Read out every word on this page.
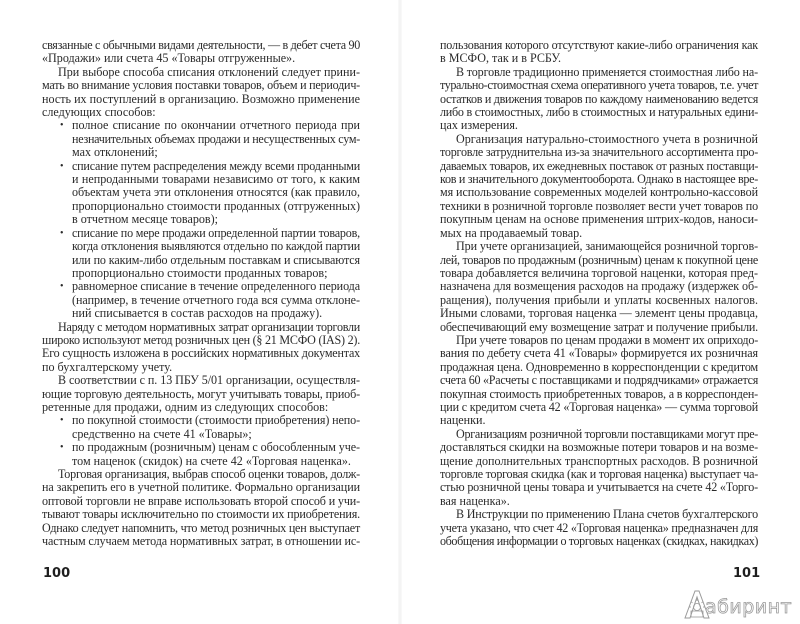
связанные с обычными видами деятельности, — в дебет счета 90
«Продажи» или счета 45 «Товары отгруженные».
При выборе способа списания отклонений следует прини-
мать во внимание условия поставки товаров, объем и периодич-
ность их поступлений в организацию. Возможно применение
следующих способов:
• полное списание по окончании отчетного периода при
незначительных объемах продажи и несущественных сум-
мах отклонений;
• списание путем распределения между всеми проданными
и непроданными товарами независимо от того, к каким
объектам учета эти отклонения относятся (как правило,
пропорционально стоимости проданных (отгруженных)
в отчетном месяце товаров);
• списание по мере продажи определенной партии товаров,
когда отклонения выявляются отдельно по каждой партии
или по каким-либо отдельным поставкам и списываются
пропорционально стоимости проданных товаров;
• равномерное списание в течение определенного периода
(например, в течение отчетного года вся сумма отклоне-
ний списывается в состав расходов на продажу).
Наряду с методом нормативных затрат организации торговли
широко используют метод розничных цен (§ 21 МСФО (IAS) 2).
Его сущность изложена в российских нормативных документах
по бухгалтерскому учету.
В соответствии с п. 13 ПБУ 5/01 организации, осуществля-
ющие торговую деятельность, могут учитывать товары, приоб-
ретенные для продажи, одним из следующих способов:
• по покупной стоимости (стоимости приобретения) непо-
средственно на счете 41 «Товары»;
• по продажным (розничным) ценам с обособленным уче-
том наценок (скидок) на счете 42 «Торговая наценка».
Торговая организация, выбрав способ оценки товаров, долж-
на закрепить его в учетной политике. Формально организации
оптовой торговли не вправе использовать второй способ и учи-
тывают товары исключительно по стоимости их приобретения.
Однако следует напомнить, что метод розничных цен выступает
частным случаем метода нормативных затрат, в отношении ис-
100
пользования которого отсутствуют какие-либо ограничения как
в МСФО, так и в РСБУ.
В торговле традиционно применяется стоимостная либо на-
турально-стоимостная схема оперативного учета товаров, т.е. учет
остатков и движения товаров по каждому наименованию ведется
либо в стоимостных, либо в стоимостных и натуральных едини-
цах измерения.
Организация натурально-стоимостного учета в розничной
торговле затруднительна из-за значительного ассортимента про-
даваемых товаров, их ежедневных поставок от разных поставщи-
ков и значительного документооборота. Однако в настоящее вре-
мя использование современных моделей контрольно-кассовой
техники в розничной торговле позволяет вести учет товаров по
покупным ценам на основе применения штрих-кодов, наноси-
мых на продаваемый товар.
При учете организацией, занимающейся розничной торгов-
лей, товаров по продажным (розничным) ценам к покупной цене
товара добавляется величина торговой наценки, которая пред-
назначена для возмещения расходов на продажу (издержек об-
ращения), получения прибыли и уплаты косвенных налогов.
Иными словами, торговая наценка — элемент цены продавца,
обеспечивающий ему возмещение затрат и получение прибыли.
При учете товаров по ценам продажи в момент их оприходо-
вания по дебету счета 41 «Товары» формируется их розничная
продажная цена. Одновременно в корреспонденции с кредитом
счета 60 «Расчеты с поставщиками и подрядчиками» отражается
покупная стоимость приобретенных товаров, а в корреспонден-
ции с кредитом счета 42 «Торговая наценка» — сумма торговой
наценки.
Организациям розничной торговли поставщиками могут пре-
доставляться скидки на возможные потери товаров и на возме-
щение дополнительных транспортных расходов. В розничной
торговле торговая скидка (как и торговая наценка) выступает ча-
стью розничной цены товара и учитывается на счете 42 «Торго-
вая наценка».
В Инструкции по применению Плана счетов бухгалтерского
учета указано, что счет 42 «Торговая наценка» предназначен для
обобщения информации о торговых наценках (скидках, накидках)
101
абиринт
